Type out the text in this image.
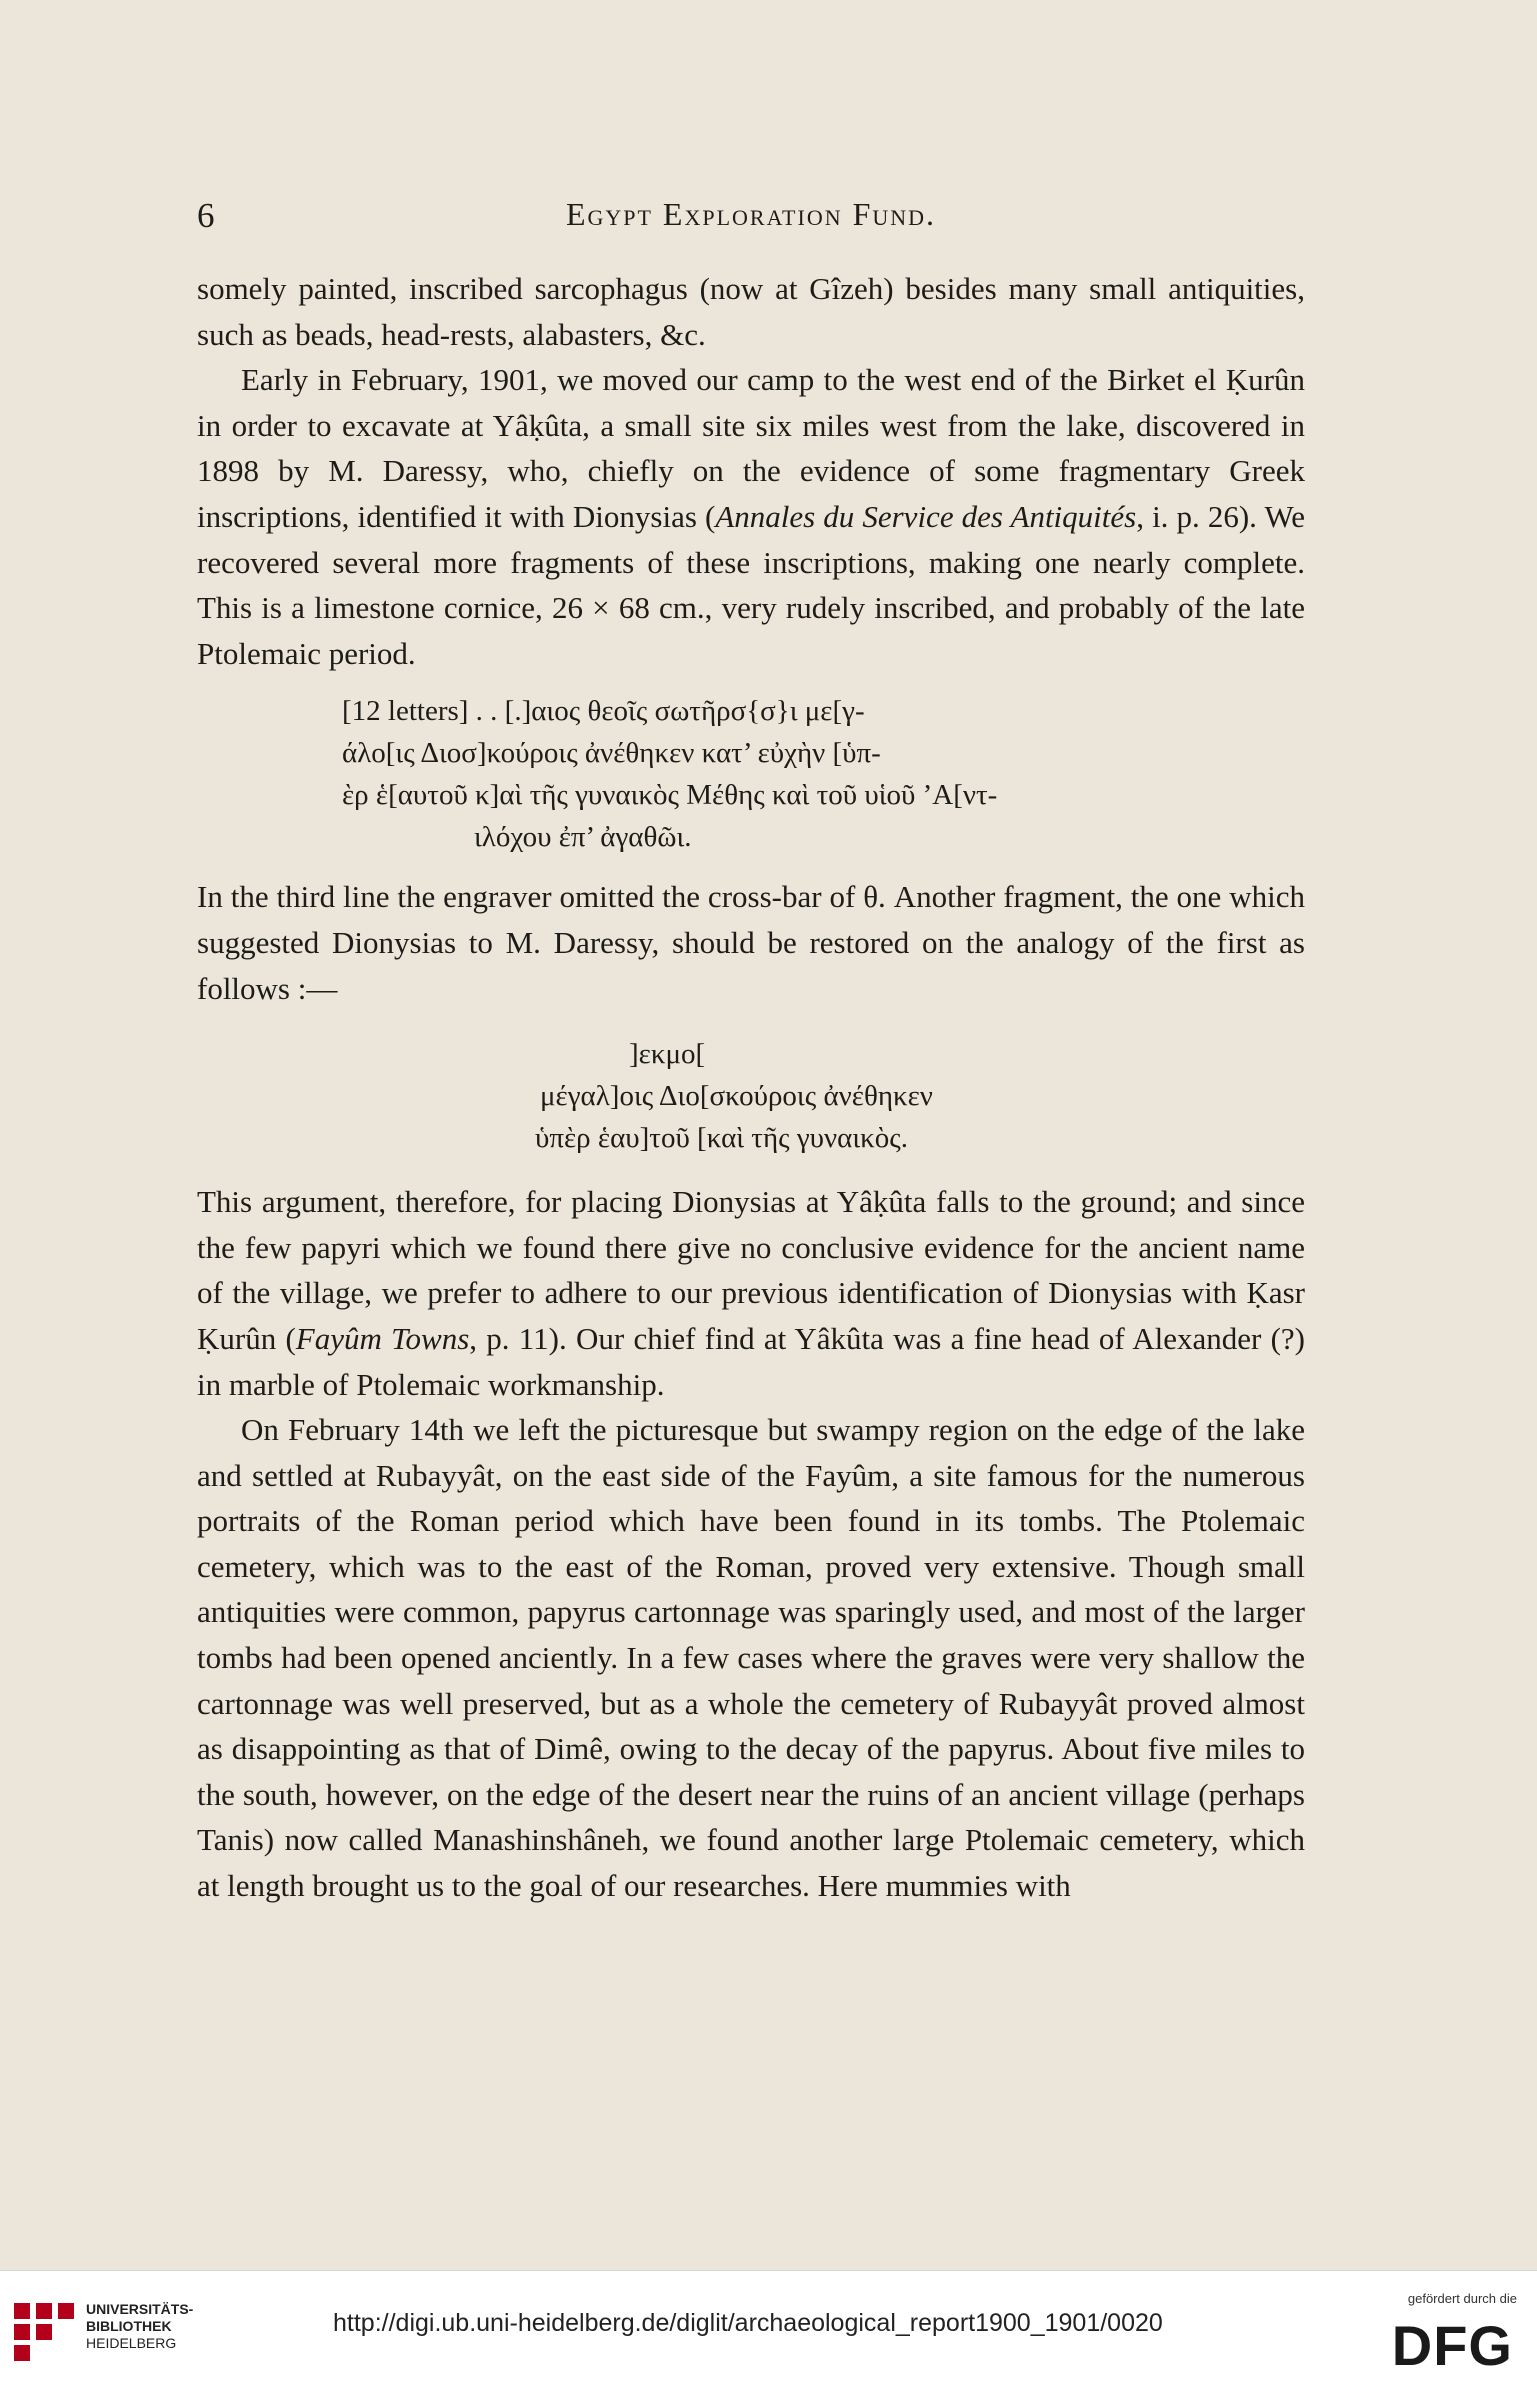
6	Egypt Exploration Fund.

somely painted, inscribed sarcophagus (now at Gîzeh) besides many small antiquities, such as beads, head-rests, alabasters, &c.

Early in February, 1901, we moved our camp to the west end of the Birket el Ḳurûn in order to excavate at Yâḳûta, a small site six miles west from the lake, discovered in 1898 by M. Daressy, who, chiefly on the evidence of some fragmentary Greek inscriptions, identified it with Dionysias (Annales du Service des Antiquités, i. p. 26). We recovered several more fragments of these inscriptions, making one nearly complete. This is a limestone cornice, 26 × 68 cm., very rudely inscribed, and probably of the late Ptolemaic period.

[12 letters] . . [.]αιος θεοῖς σωτῆρσ{σ}ι με[γ-
άλο[ις Διοσ]κούροις ἀνέθηκεν κατ’ εὐχὴν [ὑπ-
ὲρ ἑ[αυτοῦ κ]αὶ τῆς γυναικὸς Μέθης καὶ τοῦ υἱοῦ ’Α[ντ-
ιλόχου ἐπ’ ἀγαθῶι.

In the third line the engraver omitted the cross-bar of θ. Another fragment, the one which suggested Dionysias to M. Daressy, should be restored on the analogy of the first as follows :—

]εκμο[
μέγαλ]οις Διο[σκούροις ἀνέθηκεν
ὑπὲρ ἑαυ]τοῦ [καὶ τῆς γυναικὸς.

This argument, therefore, for placing Dionysias at Yâḳûta falls to the ground; and since the few papyri which we found there give no conclusive evidence for the ancient name of the village, we prefer to adhere to our previous identification of Dionysias with Ḳasr Ḳurûn (Fayûm Towns, p. 11). Our chief find at Yâkûta was a fine head of Alexander (?) in marble of Ptolemaic workmanship.

On February 14th we left the picturesque but swampy region on the edge of the lake and settled at Rubayyât, on the east side of the Fayûm, a site famous for the numerous portraits of the Roman period which have been found in its tombs. The Ptolemaic cemetery, which was to the east of the Roman, proved very extensive. Though small antiquities were common, papyrus cartonnage was sparingly used, and most of the larger tombs had been opened anciently. In a few cases where the graves were very shallow the cartonnage was well preserved, but as a whole the cemetery of Rubayyât proved almost as disappointing as that of Dimê, owing to the decay of the papyrus. About five miles to the south, however, on the edge of the desert near the ruins of an ancient village (perhaps Tanis) now called Manashinshâneh, we found another large Ptolemaic cemetery, which at length brought us to the goal of our researches. Here mummies with

UNIVERSITÄTS-
BIBLIOTHEK
HEIDELBERG
http://digi.ub.uni-heidelberg.de/diglit/archaeological_report1900_1901/0020
gefördert durch die
DFG
